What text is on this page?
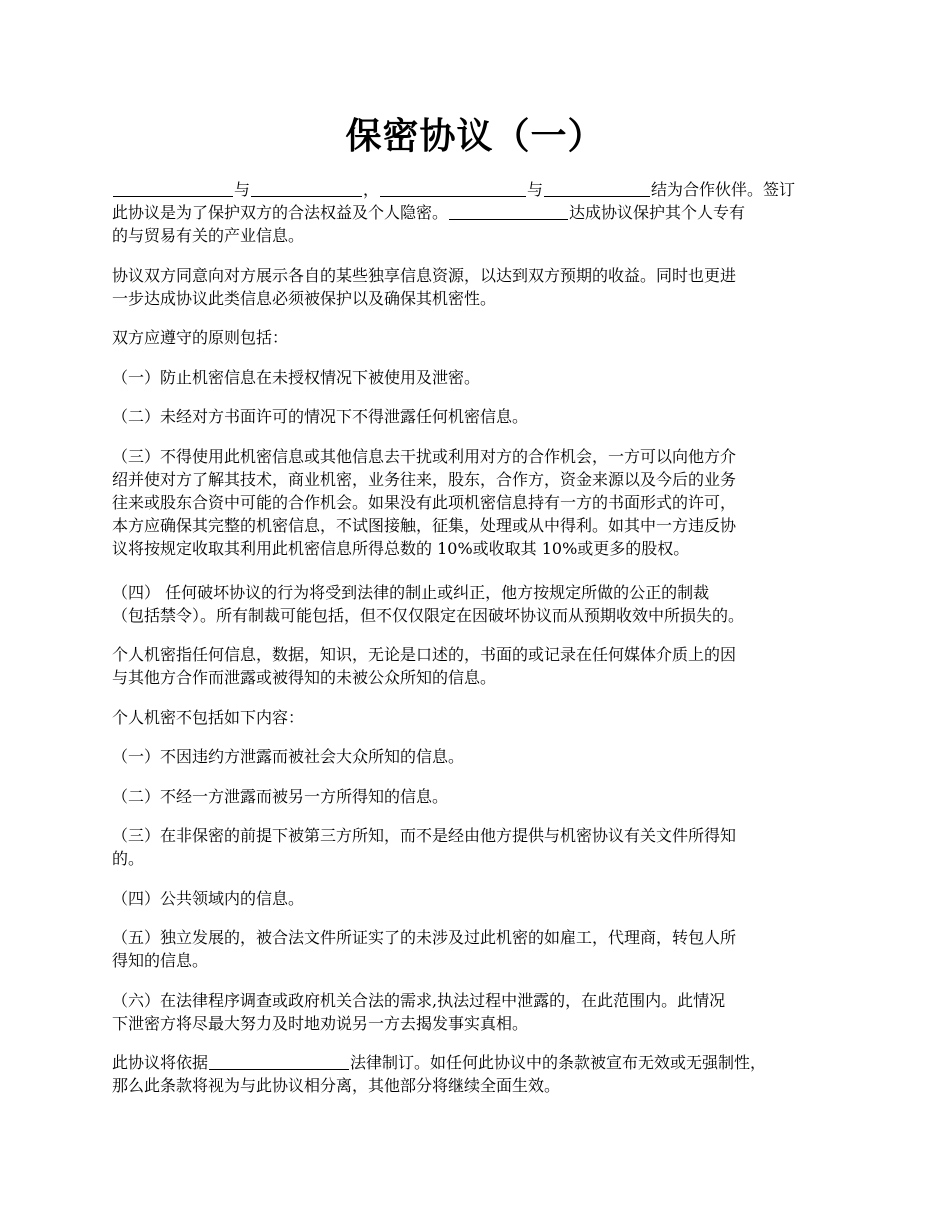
保密协议（一）
与	，	与	结为合作伙伴。签订
此协议是为了保护双方的合法权益及个人隐密。	达成协议保护其个人专有
的与贸易有关的产业信息。
协议双方同意向对方展示各自的某些独享信息资源，以达到双方预期的收益。同时也更进
一步达成协议此类信息必须被保护以及确保其机密性。
双方应遵守的原则包括：
（一）防止机密信息在未授权情况下被使用及泄密。
（二）未经对方书面许可的情况下不得泄露任何机密信息。
（三）不得使用此机密信息或其他信息去干扰或利用对方的合作机会，一方可以向他方介
绍并使对方了解其技术，商业机密，业务往来，股东，合作方，资金来源以及今后的业务
往来或股东合资中可能的合作机会。如果没有此项机密信息持有一方的书面形式的许可，
本方应确保其完整的机密信息，不试图接触，征集，处理或从中得利。如其中一方违反协
议将按规定收取其利用此机密信息所得总数的 10%或收取其 10%或更多的股权。
（四） 任何破坏协议的行为将受到法律的制止或纠正，他方按规定所做的公正的制裁
（包括禁令）。所有制裁可能包括，但不仅仅限定在因破坏协议而从预期收效中所损失的。
个人机密指任何信息，数据，知识，无论是口述的，书面的或记录在任何媒体介质上的因
与其他方合作而泄露或被得知的未被公众所知的信息。
个人机密不包括如下内容：
（一）不因违约方泄露而被社会大众所知的信息。
（二）不经一方泄露而被另一方所得知的信息。
（三）在非保密的前提下被第三方所知，而不是经由他方提供与机密协议有关文件所得知
的。
（四）公共领域内的信息。
（五）独立发展的，被合法文件所证实了的未涉及过此机密的如雇工，代理商，转包人所
得知的信息。
（六）在法律程序调查或政府机关合法的需求,执法过程中泄露的，在此范围内。此情况
下泄密方将尽最大努力及时地劝说另一方去揭发事实真相。
此协议将依据	法律制订。如任何此协议中的条款被宣布无效或无强制性，
那么此条款将视为与此协议相分离，其他部分将继续全面生效。
